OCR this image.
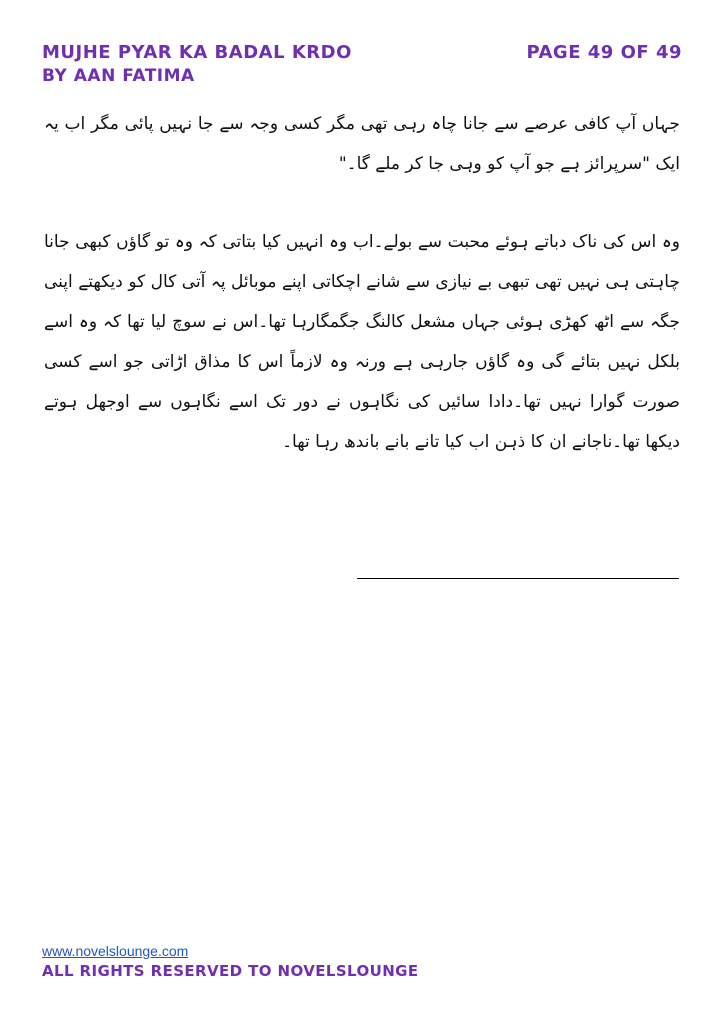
MUJHE PYAR KA BADAL KRDO	PAGE 49 OF 49
BY AAN FATIMA
جہاں آپ کافی عرصے سے جانا چاہ رہی تھی مگر کسی وجہ سے جا نہیں پائی مگر اب یہ ایک "سرپرائز ہے جو آپ کو وہی جا کر ملے گا۔"
وہ اس کی ناک دباتے ہوئے محبت سے بولے۔اب وہ انہیں کیا بتاتی کہ وہ تو گاؤں کبھی جانا چاہتی ہی نہیں تھی تبھی بے نیازی سے شانے اچکاتی اپنے موبائل پہ آتی کال کو دیکھتے اپنی جگہ سے اٹھ کھڑی ہوئی جہاں مشعل کالنگ جگمگارہا تھا۔اس نے سوچ لیا تھا کہ وہ اسے بلکل نہیں بتائے گی وہ گاؤں جارہی ہے ورنہ وہ لازماً اس کا مذاق اڑاتی جو اسے کسی صورت گوارا نہیں تھا۔دادا سائیں کی نگاہوں نے دور تک اسے نگاہوں سے اوجھل ہوتے دیکھا تھا۔ناجانے ان کا ذہن اب کیا تانے بانے باندھ رہا تھا۔
www.novelslounge.com
ALL RIGHTS RESERVED TO NOVELSLOUNGE
